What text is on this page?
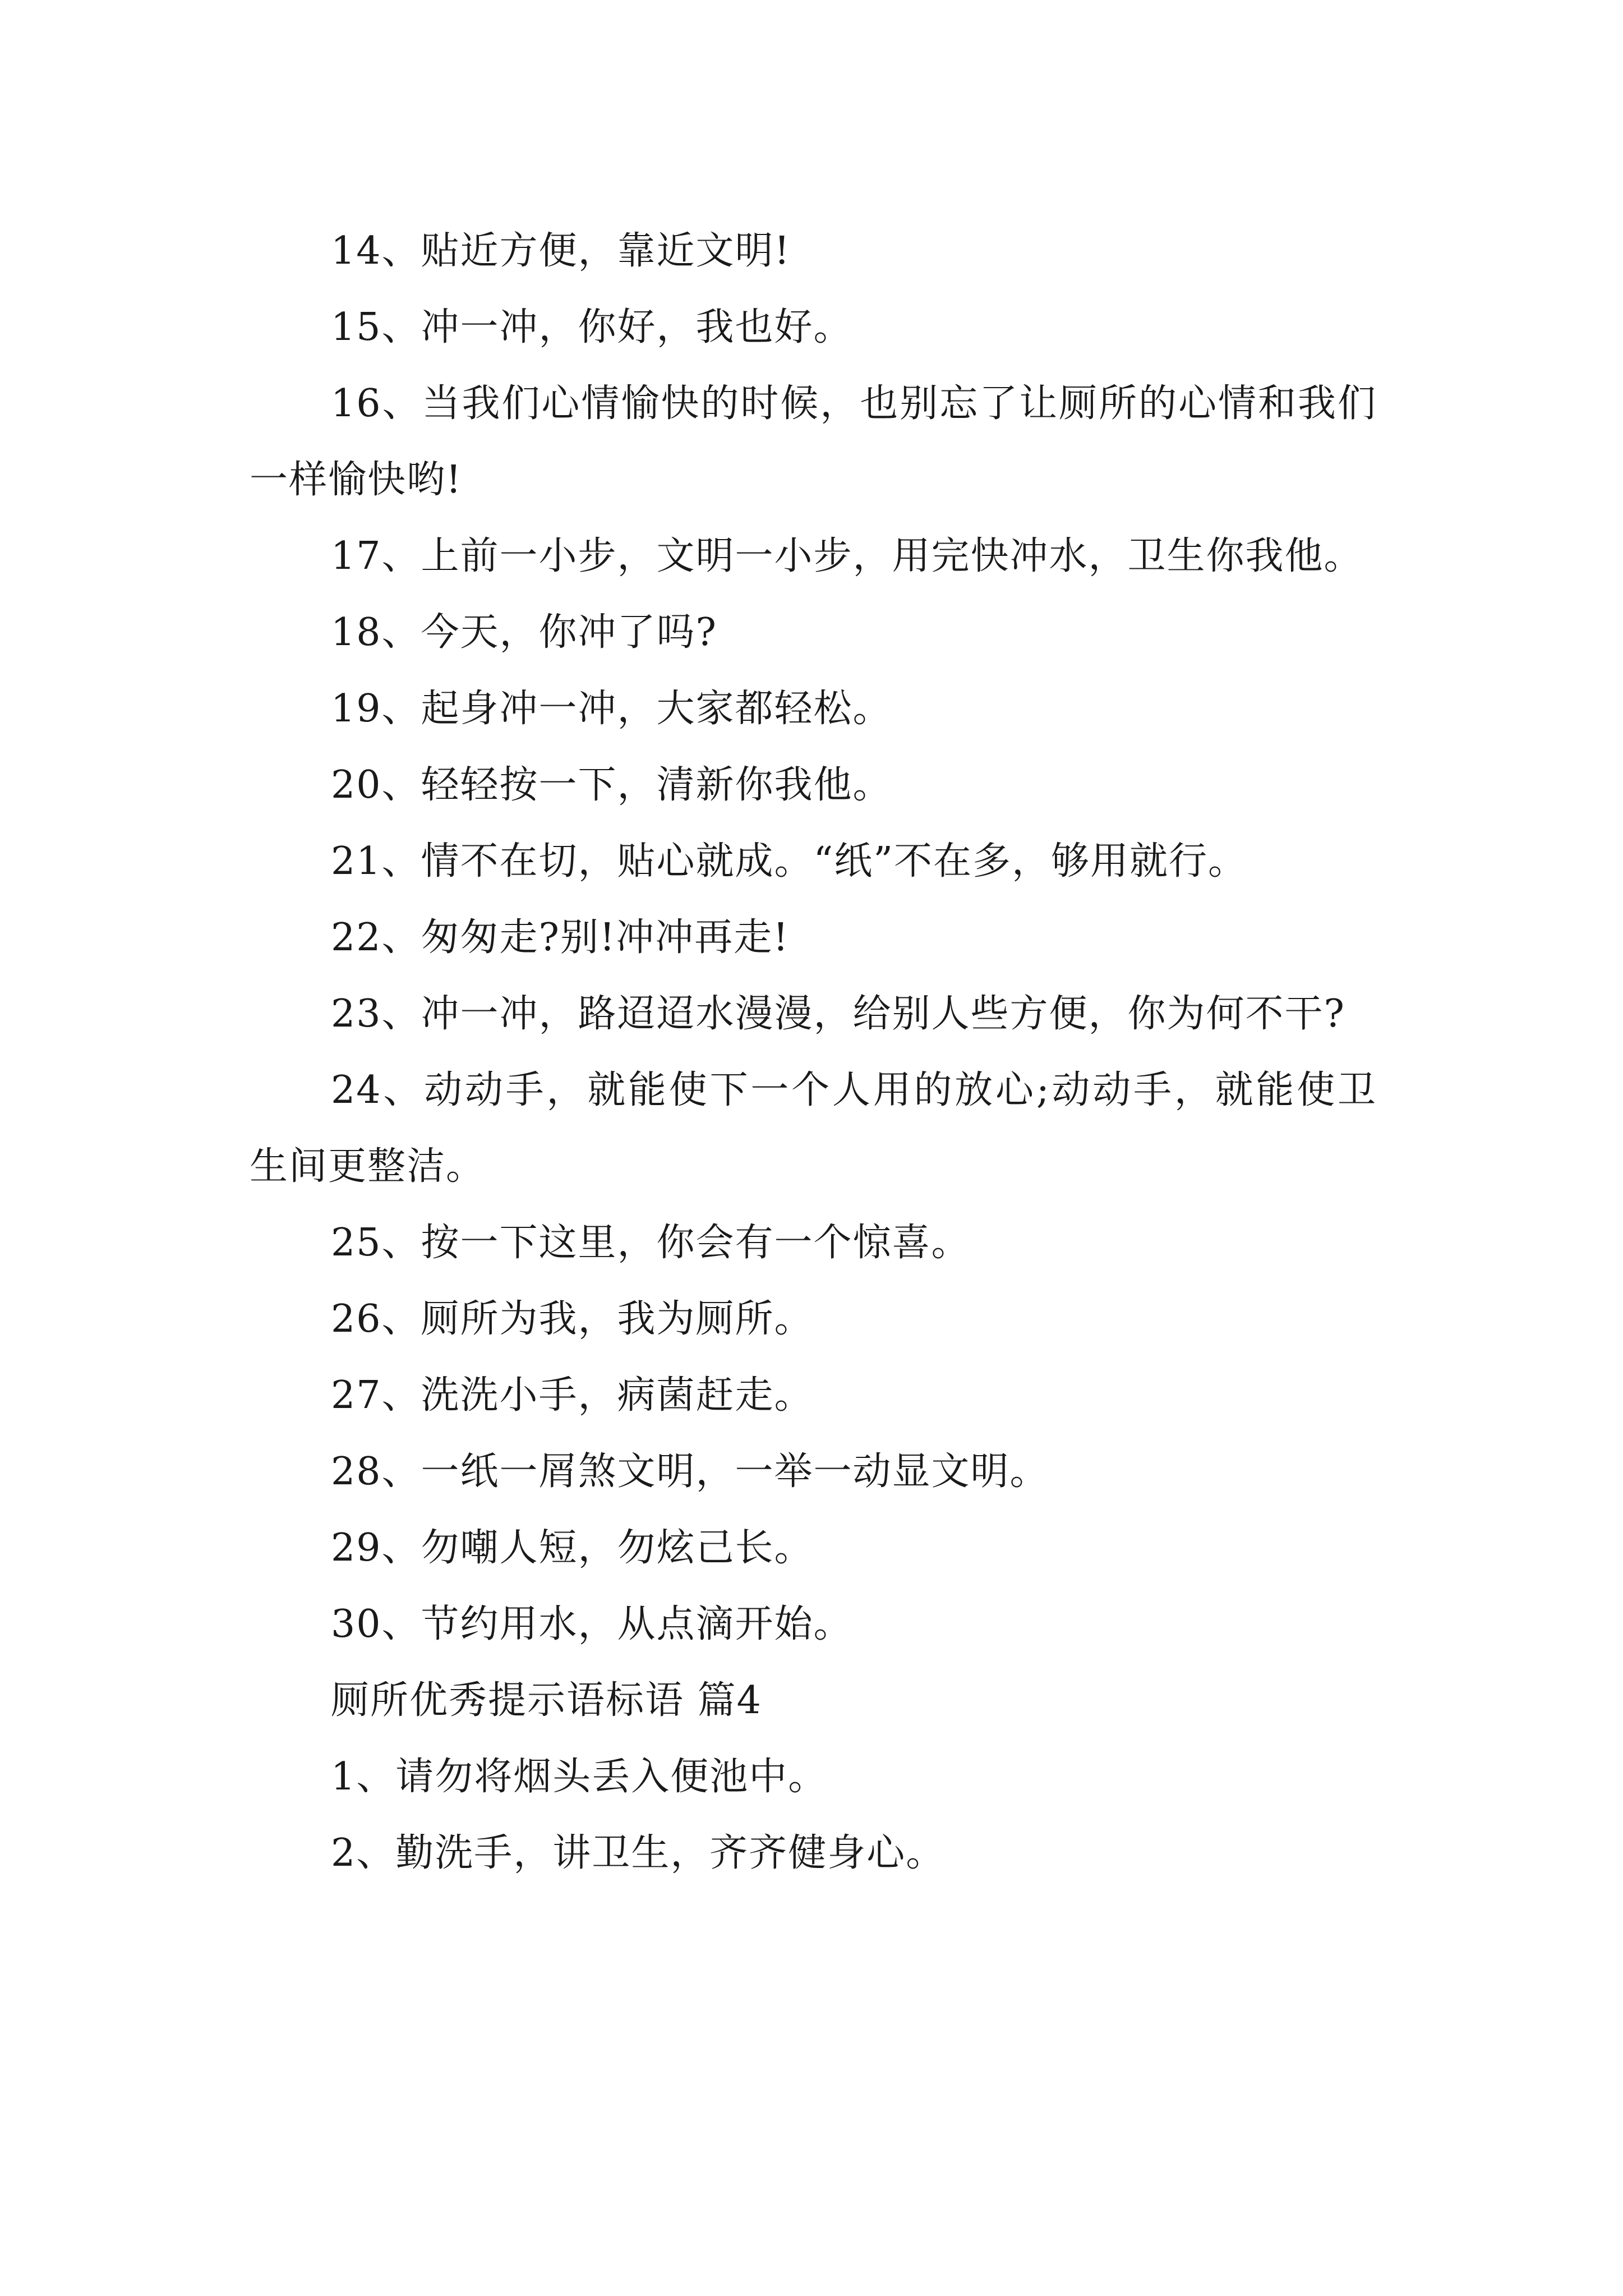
14、贴近方便，靠近文明!

15、冲一冲，你好，我也好。

16、当我们心情愉快的时候，也别忘了让厕所的心情和我们一样愉快哟!

17、上前一小步，文明一小步，用完快冲水，卫生你我他。

18、今天，你冲了吗?

19、起身冲一冲，大家都轻松。

20、轻轻按一下，清新你我他。

21、情不在切，贴心就成。“纸”不在多，够用就行。

22、匆匆走?别!冲冲再走!

23、冲一冲，路迢迢水漫漫，给别人些方便，你为何不干?

24、动动手，就能使下一个人用的放心;动动手，就能使卫生间更整洁。

25、按一下这里，你会有一个惊喜。

26、厕所为我，我为厕所。

27、洗洗小手，病菌赶走。

28、一纸一屑煞文明，一举一动显文明。

29、勿嘲人短，勿炫己长。

30、节约用水，从点滴开始。

厕所优秀提示语标语 篇4

1、请勿将烟头丢入便池中。

2、勤洗手，讲卫生，齐齐健身心。
